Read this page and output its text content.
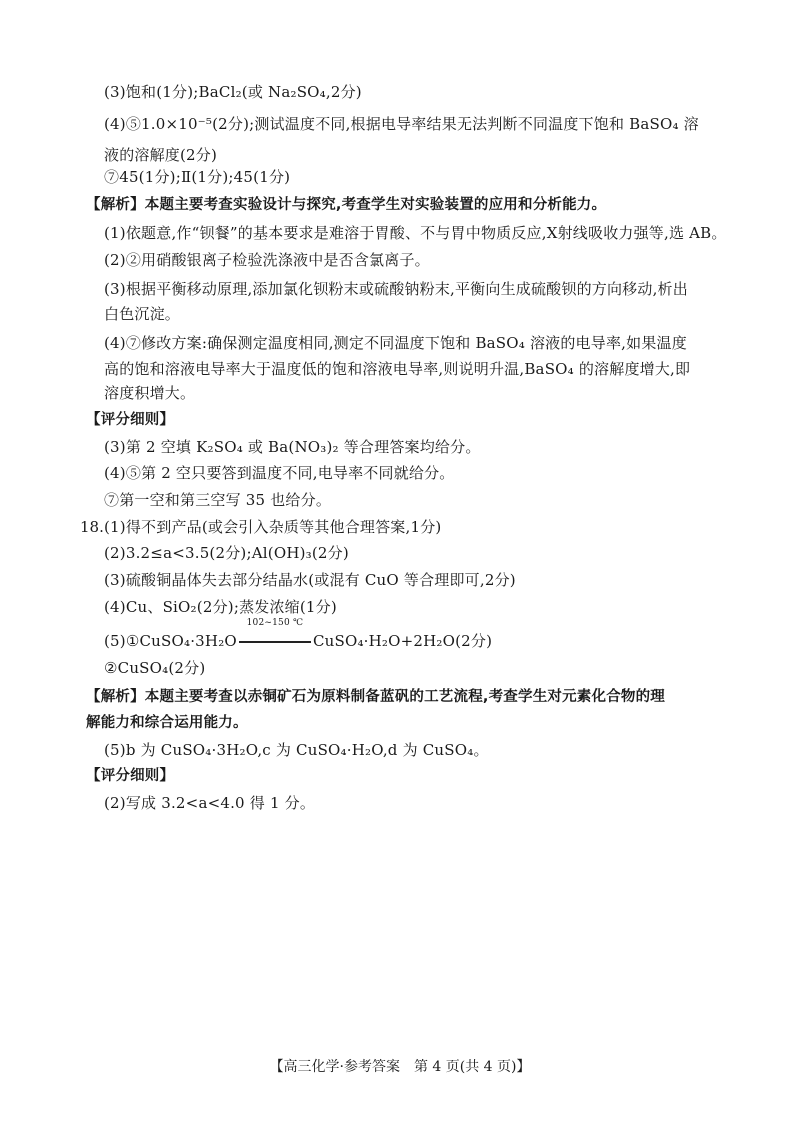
(3)饱和(1分);BaCl₂(或 Na₂SO₄,2分)
(4)⑤1.0×10⁻⁵(2分);测试温度不同,根据电导率结果无法判断不同温度下饱和 BaSO₄ 溶
液的溶解度(2分)
⑦45(1分);Ⅱ(1分);45(1分)
【解析】本题主要考查实验设计与探究,考查学生对实验装置的应用和分析能力。
(1)依题意,作“钡餐”的基本要求是难溶于胃酸、不与胃中物质反应,X射线吸收力强等,选 AB。
(2)②用硝酸银离子检验洗涤液中是否含氯离子。
(3)根据平衡移动原理,添加氯化钡粉末或硫酸钠粉末,平衡向生成硫酸钡的方向移动,析出
白色沉淀。
(4)⑦修改方案:确保测定温度相同,测定不同温度下饱和 BaSO₄ 溶液的电导率,如果温度
高的饱和溶液电导率大于温度低的饱和溶液电导率,则说明升温,BaSO₄ 的溶解度增大,即
溶度积增大。
【评分细则】
(3)第 2 空填 K₂SO₄ 或 Ba(NO₃)₂ 等合理答案均给分。
(4)⑤第 2 空只要答到温度不同,电导率不同就给分。
⑦第一空和第三空写 35 也给分。
18. (1)得不到产品(或会引入杂质等其他合理答案,1分)
(2)3.2≤a<3.5(2分);Al(OH)₃(2分)
(3)硫酸铜晶体失去部分结晶水(或混有 CuO 等合理即可,2分)
(4)Cu、SiO₂(2分);蒸发浓缩(1分)
(5)①CuSO₄·3H₂O
102~150 ℃
CuSO₄·H₂O+2H₂O(2分)
②CuSO₄(2分)
【解析】本题主要考查以赤铜矿石为原料制备蓝矾的工艺流程,考查学生对元素化合物的理
解能力和综合运用能力。
(5)b 为 CuSO₄·3H₂O,c 为 CuSO₄·H₂O,d 为 CuSO₄。
【评分细则】
(2)写成 3.2<a<4.0 得 1 分。
【高三化学·参考答案　第 4 页(共 4 页)】
